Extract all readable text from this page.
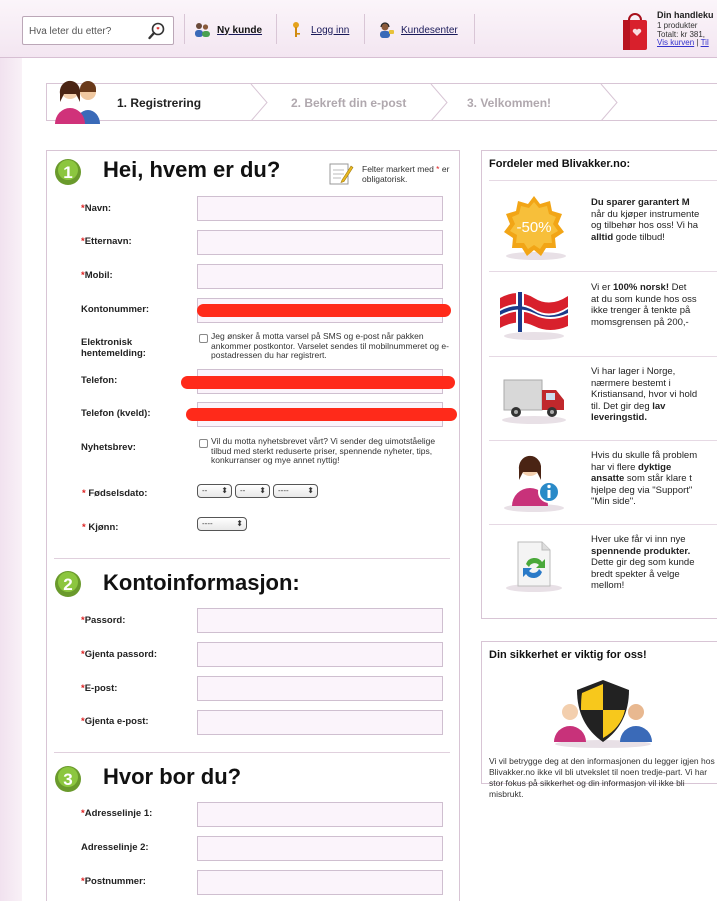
Hva leter du etter?
Ny kunde	Logg inn	Kundesenter
Din handleku
1 produkter
Totalt: kr 381,
Vis kurven | Til
1. Registrering	2. Bekreft din e-post	3. Velkommen!
1 Hei, hvem er du?	Felter markert med * er obligatorisk.
*Navn:
*Etternavn:
*Mobil:
Kontonummer:
Elektronisk
hentemelding:
Jeg ønsker å motta varsel på SMS og e-post når pakken ankommer postkontor. Varselet sendes til mobilnummeret og e-postadressen du har registrert.
Telefon:
Telefon (kveld):
Nyhetsbrev:
Vil du motta nyhetsbrevet vårt? Vi sender deg uimotståelige tilbud med sterkt reduserte priser, spennende nyheter, tips, konkurranser og mye annet nyttig!
* Fødselsdato:	-- ⬍	-- ⬍	---- ⬍
* Kjønn:	---- ⬍
2 Kontoinformasjon:
*Passord:
*Gjenta passord:
*E-post:
*Gjenta e-post:
3 Hvor bor du?
*Adresselinje 1:
Adresselinje 2:
*Postnummer:
Fordeler med Blivakker.no:
-50%
Du sparer garantert M
når du kjøper instrumente
og tilbehør hos oss! Vi ha
alltid gode tilbud!
Vi er 100% norsk! Det
at du som kunde hos oss
ikke trenger å tenkte på
momsgrensen på 200,-
Vi har lager i Norge,
nærmere bestemt i
Kristiansand, hvor vi hold
til. Det gir deg lav
leveringstid.
Hvis du skulle få problem
har vi flere dyktige
ansatte som står klare t
hjelpe deg via "Support"
"Min side".
Hver uke får vi inn nye
spennende produkter.
Dette gir deg som kunde
bredt spekter å velge
mellom!
Din sikkerhet er viktig for oss!
Vi vil betrygge deg at den informasjonen du legger igjen hos Blivakker.no ikke vil bli utvekslet til noen tredje-part. Vi har stor fokus på sikkerhet og din informasjon vil ikke bli misbrukt.
